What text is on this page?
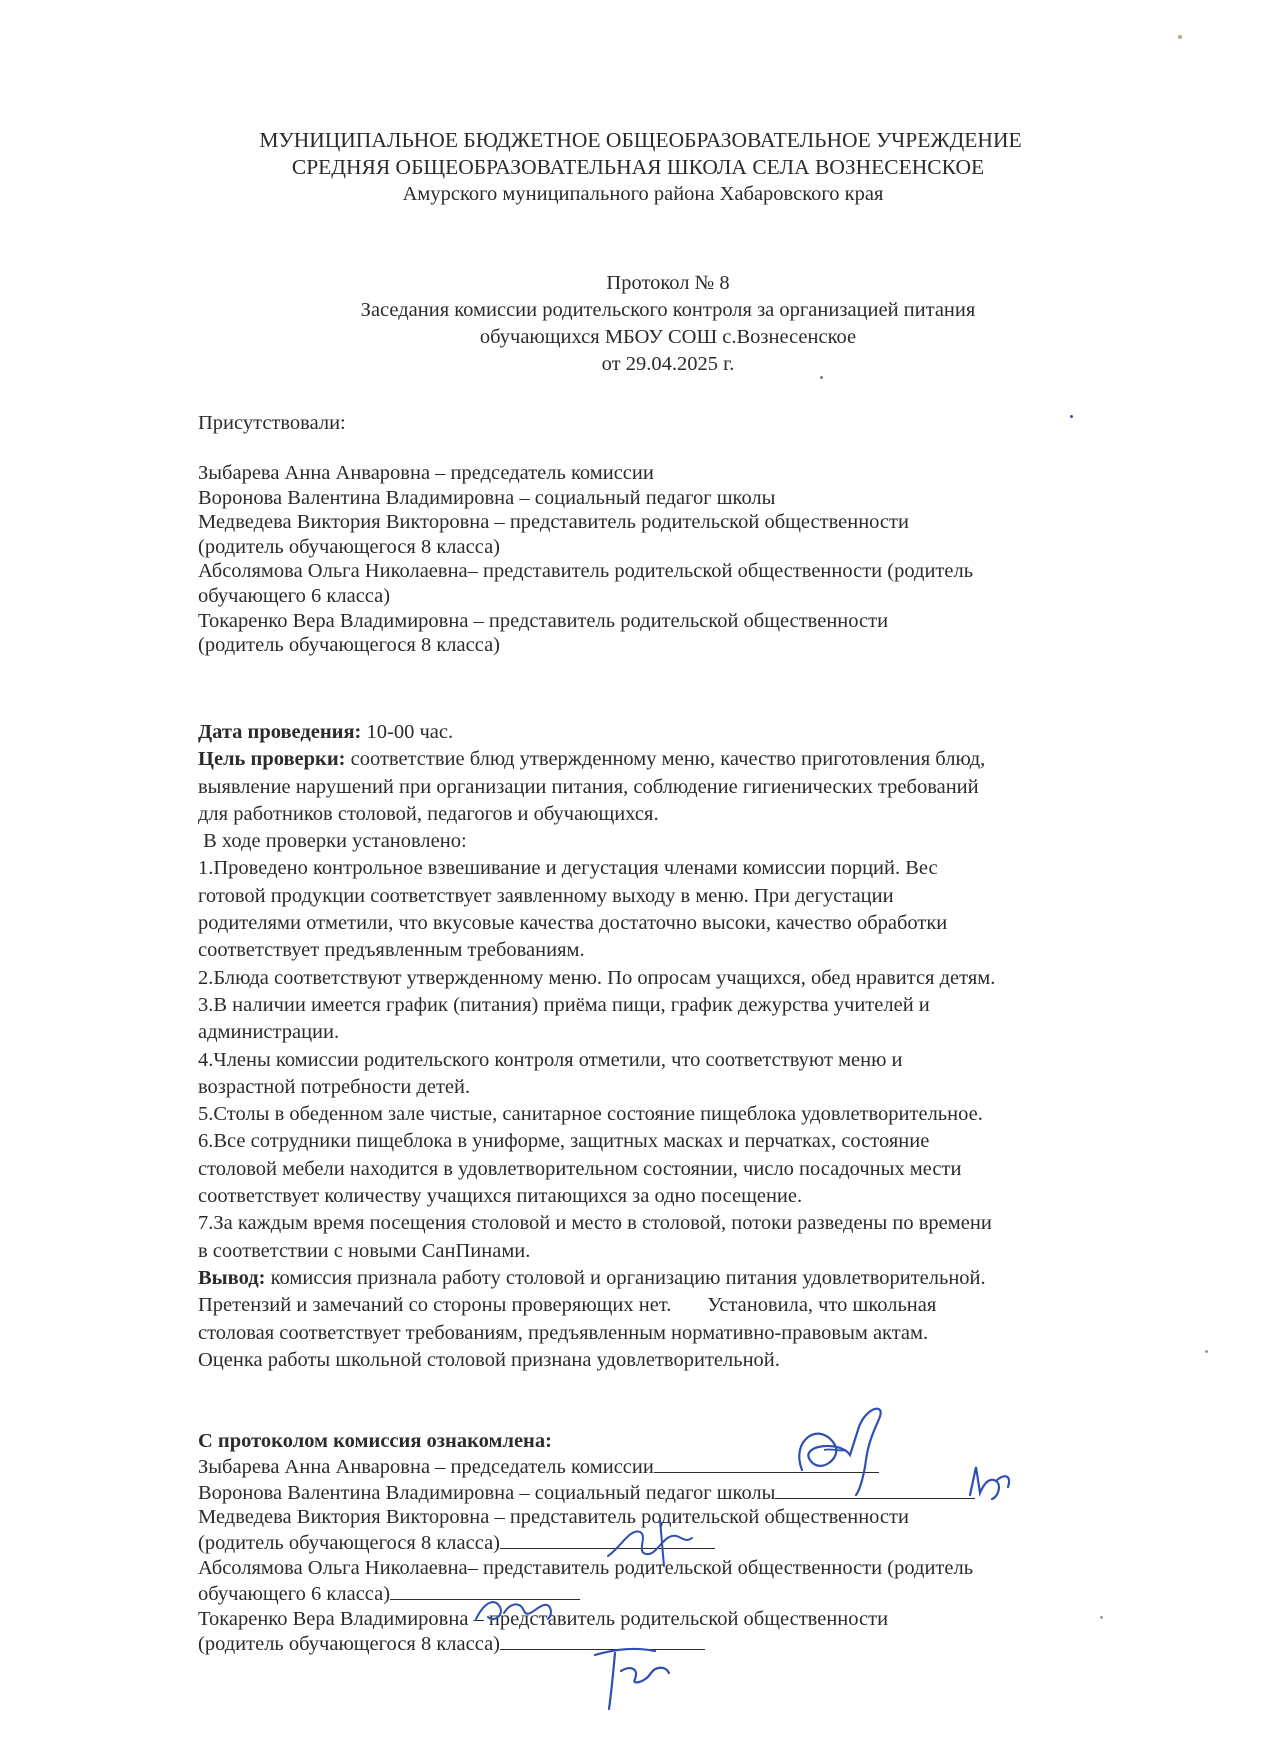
МУНИЦИПАЛЬНОЕ БЮДЖЕТНОЕ ОБЩЕОБРАЗОВАТЕЛЬНОЕ УЧРЕЖДЕНИЕ
СРЕДНЯЯ ОБЩЕОБРАЗОВАТЕЛЬНАЯ ШКОЛА СЕЛА ВОЗНЕСЕНСКОЕ
Амурского муниципального района Хабаровского края
Протокол № 8
Заседания комиссии родительского контроля за организацией питания
обучающихся МБОУ СОШ с.Вознесенское
от 29.04.2025 г.
Присутствовали:
Зыбарева Анна Анваровна – председатель комиссии
Воронова Валентина Владимировна – социальный педагог школы
Медведева Виктория Викторовна – представитель родительской общественности
(родитель обучающегося 8 класса)
Абсолямова Ольга Николаевна– представитель родительской общественности (родитель
обучающего 6 класса)
Токаренко Вера Владимировна – представитель родительской общественности
(родитель обучающегося 8 класса)
Дата проведения: 10-00 час.
Цель проверки: соответствие блюд утвержденному меню, качество приготовления блюд,
выявление нарушений при организации питания, соблюдение гигиенических требований
для работников столовой, педагогов и обучающихся.
В ходе проверки установлено:
1.Проведено контрольное взвешивание и дегустация членами комиссии порций. Вес
готовой продукции соответствует заявленному выходу в меню. При дегустации
родителями отметили, что вкусовые качества достаточно высоки, качество обработки
соответствует предъявленным требованиям.
2.Блюда соответствуют утвержденному меню. По опросам учащихся, обед нравится детям.
3.В наличии имеется график (питания) приёма пищи, график дежурства учителей и
администрации.
4.Члены комиссии родительского контроля отметили, что соответствуют меню и
возрастной потребности детей.
5.Столы в обеденном зале чистые, санитарное состояние пищеблока удовлетворительное.
6.Все сотрудники пищеблока в униформе, защитных масках и перчатках, состояние
столовой мебели находится в удовлетворительном состоянии, число посадочных мести
соответствует количеству учащихся питающихся за одно посещение.
7.За каждым время посещения столовой и место в столовой, потоки разведены по времени
в соответствии с новыми СанПинами.
Вывод: комиссия признала работу столовой и организацию питания удовлетворительной.
Претензий и замечаний со стороны проверяющих нет.       Установила, что школьная
столовая соответствует требованиям, предъявленным нормативно-правовым актам.
Оценка работы школьной столовой признана удовлетворительной.
С протоколом комиссия ознакомлена:
Зыбарева Анна Анваровна – председатель комиссии
Воронова Валентина Владимировна – социальный педагог школы
Медведева Виктория Викторовна – представитель родительской общественности
(родитель обучающегося 8 класса)
Абсолямова Ольга Николаевна– представитель родительской общественности (родитель
обучающего 6 класса)
Токаренко Вера Владимировна – представитель родительской общественности
(родитель обучающегося 8 класса)
